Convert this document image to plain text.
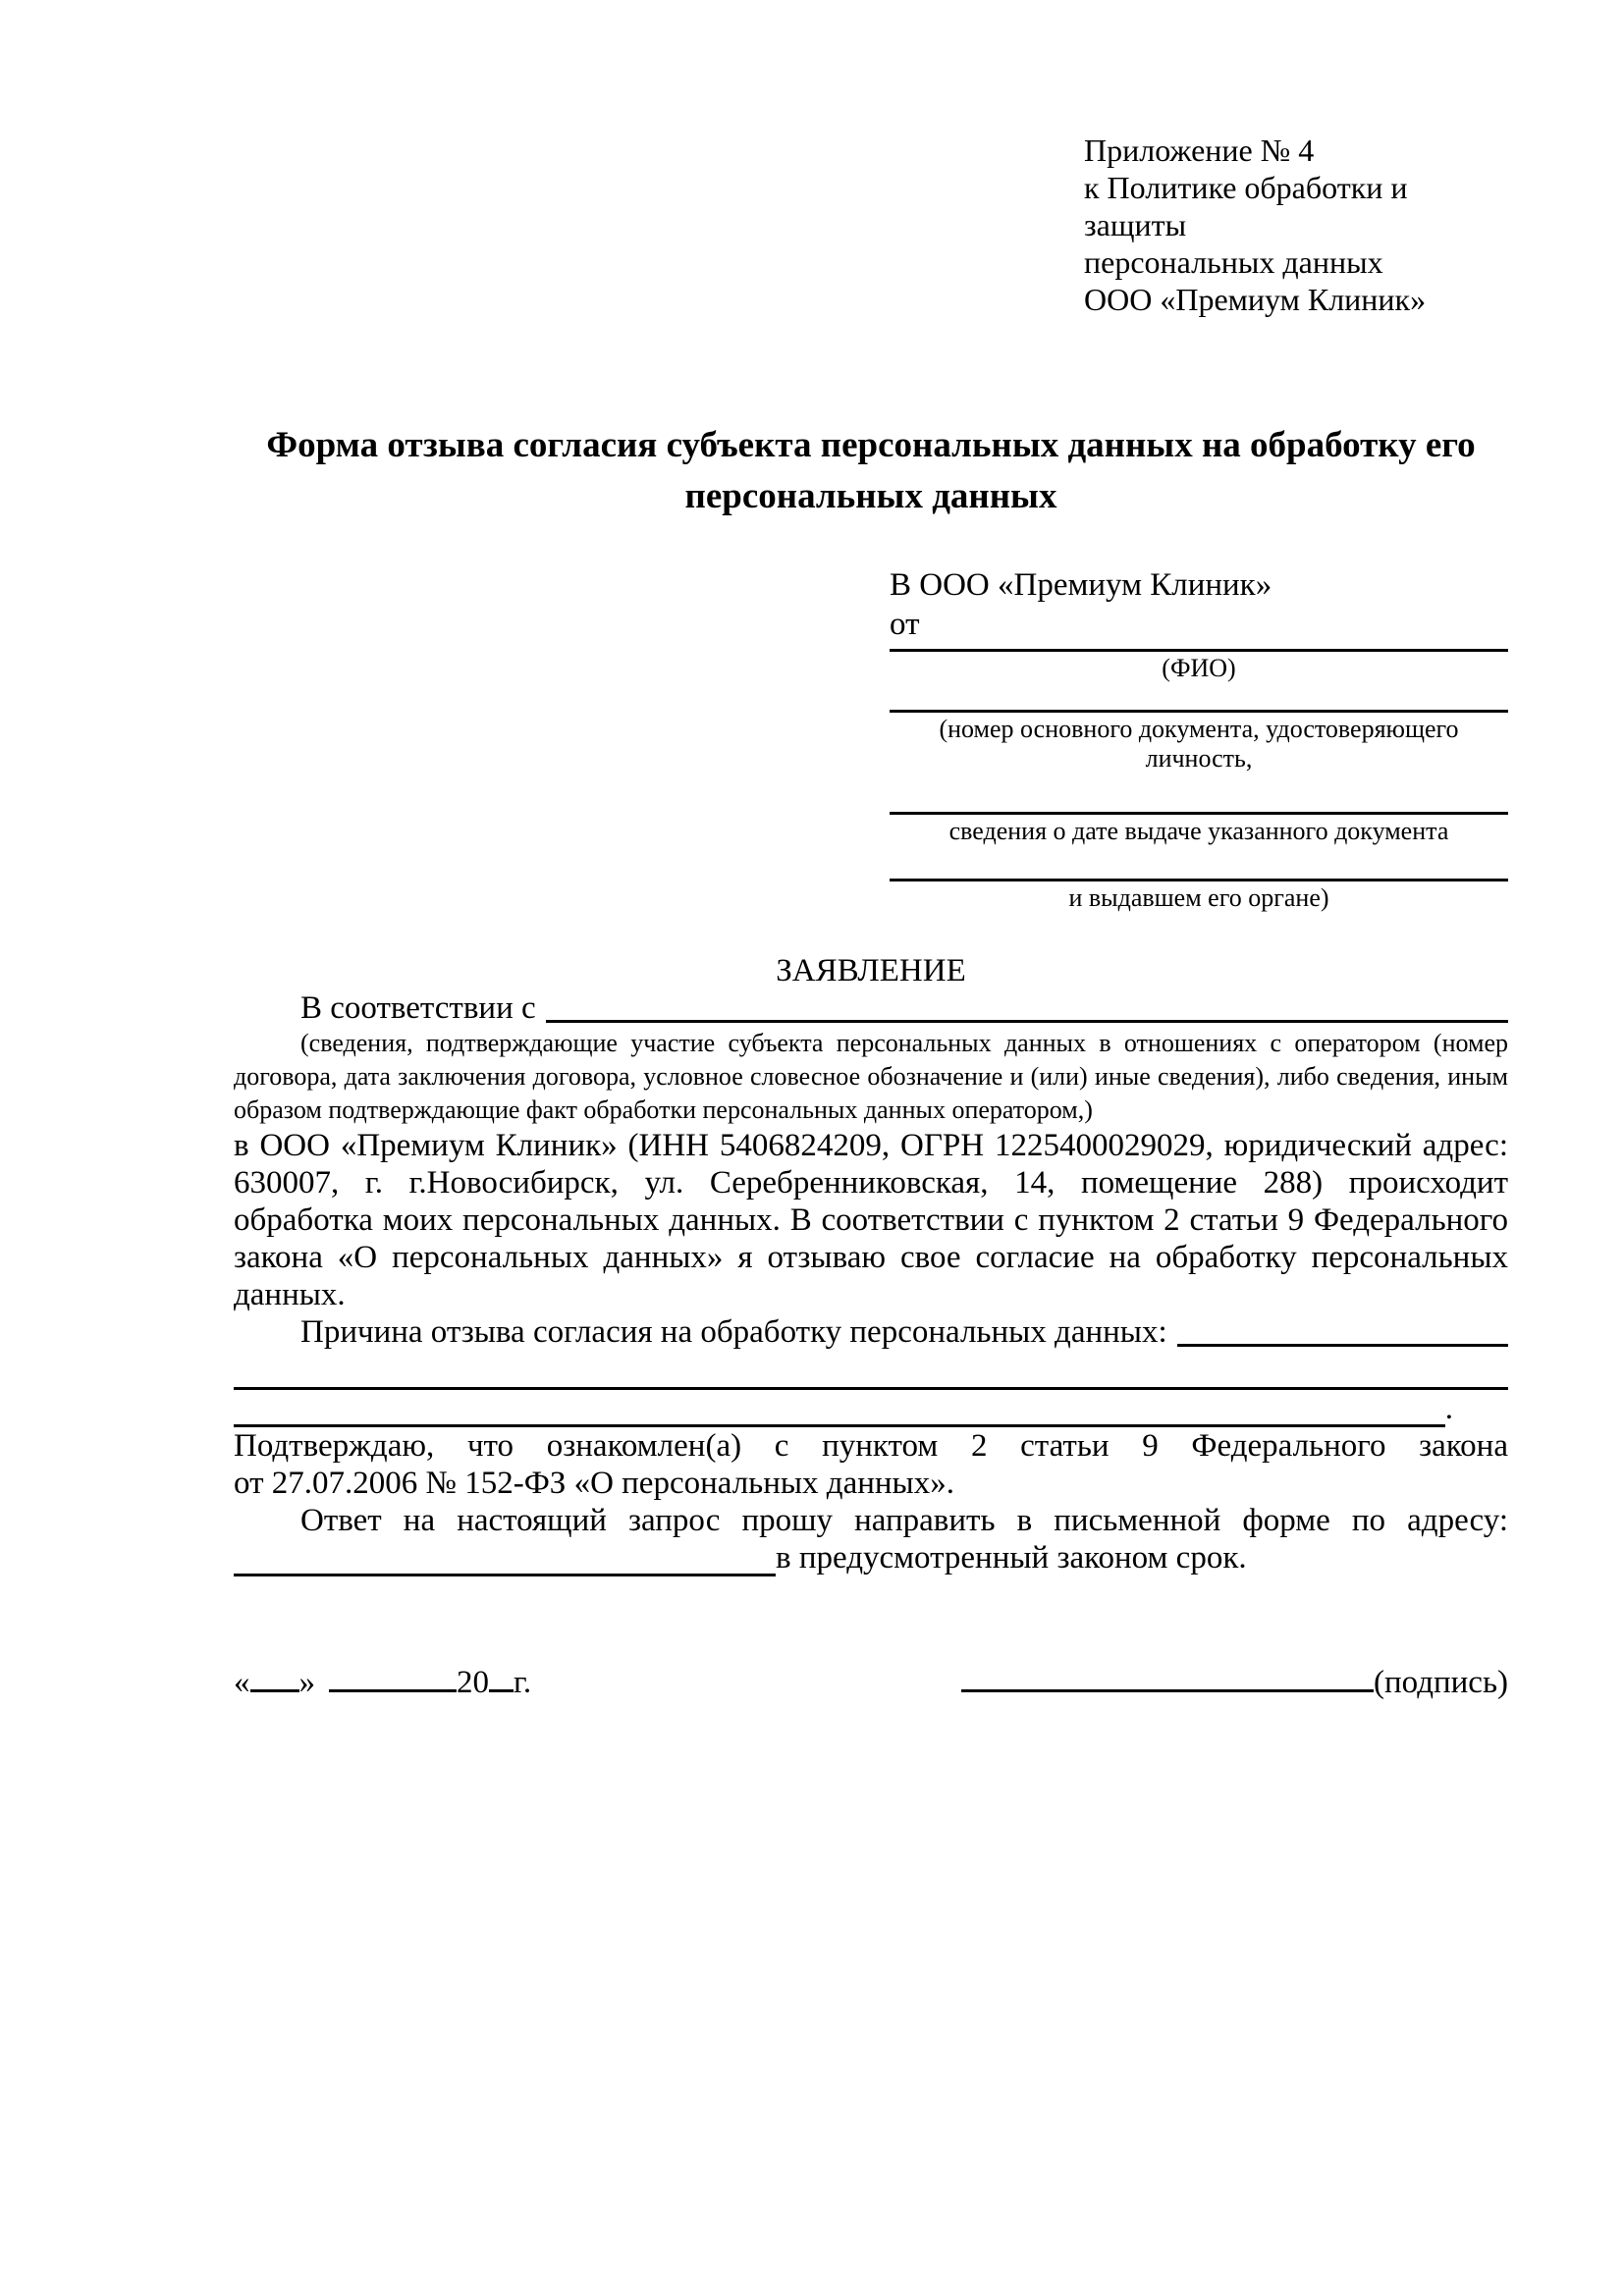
Приложение № 4
к Политике обработки и защиты
персональных данных
ООО «Премиум Клиник»
Форма отзыва согласия субъекта персональных данных на обработку его персональных данных
В ООО «Премиум Клиник»
от
(ФИО)
(номер основного документа, удостоверяющего личность,
сведения о дате выдаче указанного документа
и выдавшем его органе)
ЗАЯВЛЕНИЕ
В соответствии с
(сведения, подтверждающие участие субъекта персональных данных в отношениях с оператором (номер договора, дата заключения договора, условное словесное обозначение и (или) иные сведения), либо сведения, иным образом подтверждающие факт обработки персональных данных оператором,)
в ООО «Премиум Клиник» (ИНН 5406824209, ОГРН 1225400029029, юридический адрес: 630007, г. г.Новосибирск, ул. Серебренниковская, 14, помещение 288) происходит обработка моих персональных данных. В соответствии с пунктом 2 статьи 9 Федерального закона «О персональных данных» я отзываю свое согласие на обработку персональных данных.
Причина отзыва согласия на обработку персональных данных:
.
Подтверждаю, что ознакомлен(а) с пунктом 2 статьи 9 Федерального закона
от 27.07.2006 № 152-ФЗ «О персональных данных».
Ответ на настоящий запрос прошу направить в письменной форме по адресу:
в предусмотренный законом срок.
« »	20 г.	(подпись)
